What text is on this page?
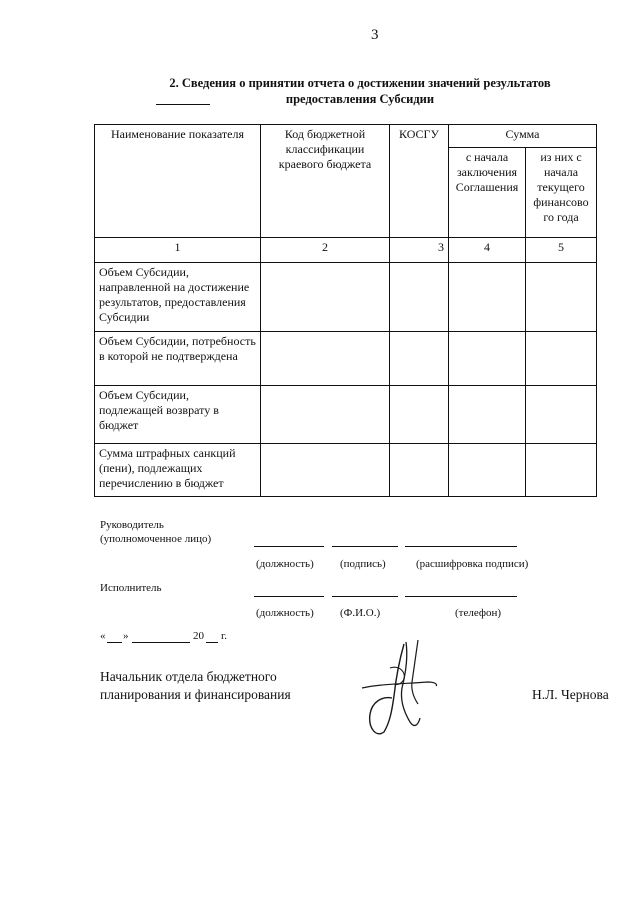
3
2. Сведения о принятии отчета о достижении значений результатов
предоставления Субсидии
Наименование показателя	Код бюджетной классификации краевого бюджета	КОСГУ	Сумма	
			с начала заключения Соглашения	из них с начала текущего финансово го года
1	2	3	4	5
Объем Субсидии, направленной на достижение результатов, предоставления Субсидии				
Объем Субсидии, потребность в которой не подтверждена				
Объем Субсидии, подлежащей возврату в бюджет				
Сумма штрафных санкций (пени), подлежащих перечислению в бюджет				
Руководитель
(уполномоченное лицо)
(должность) (подпись)	(расшифровка подписи)
Исполнитель
(должность) (Ф.И.О.)	(телефон)
« »	20 г.
Начальник отдела бюджетного
планирования и финансирования	Н.Л. Чернова
